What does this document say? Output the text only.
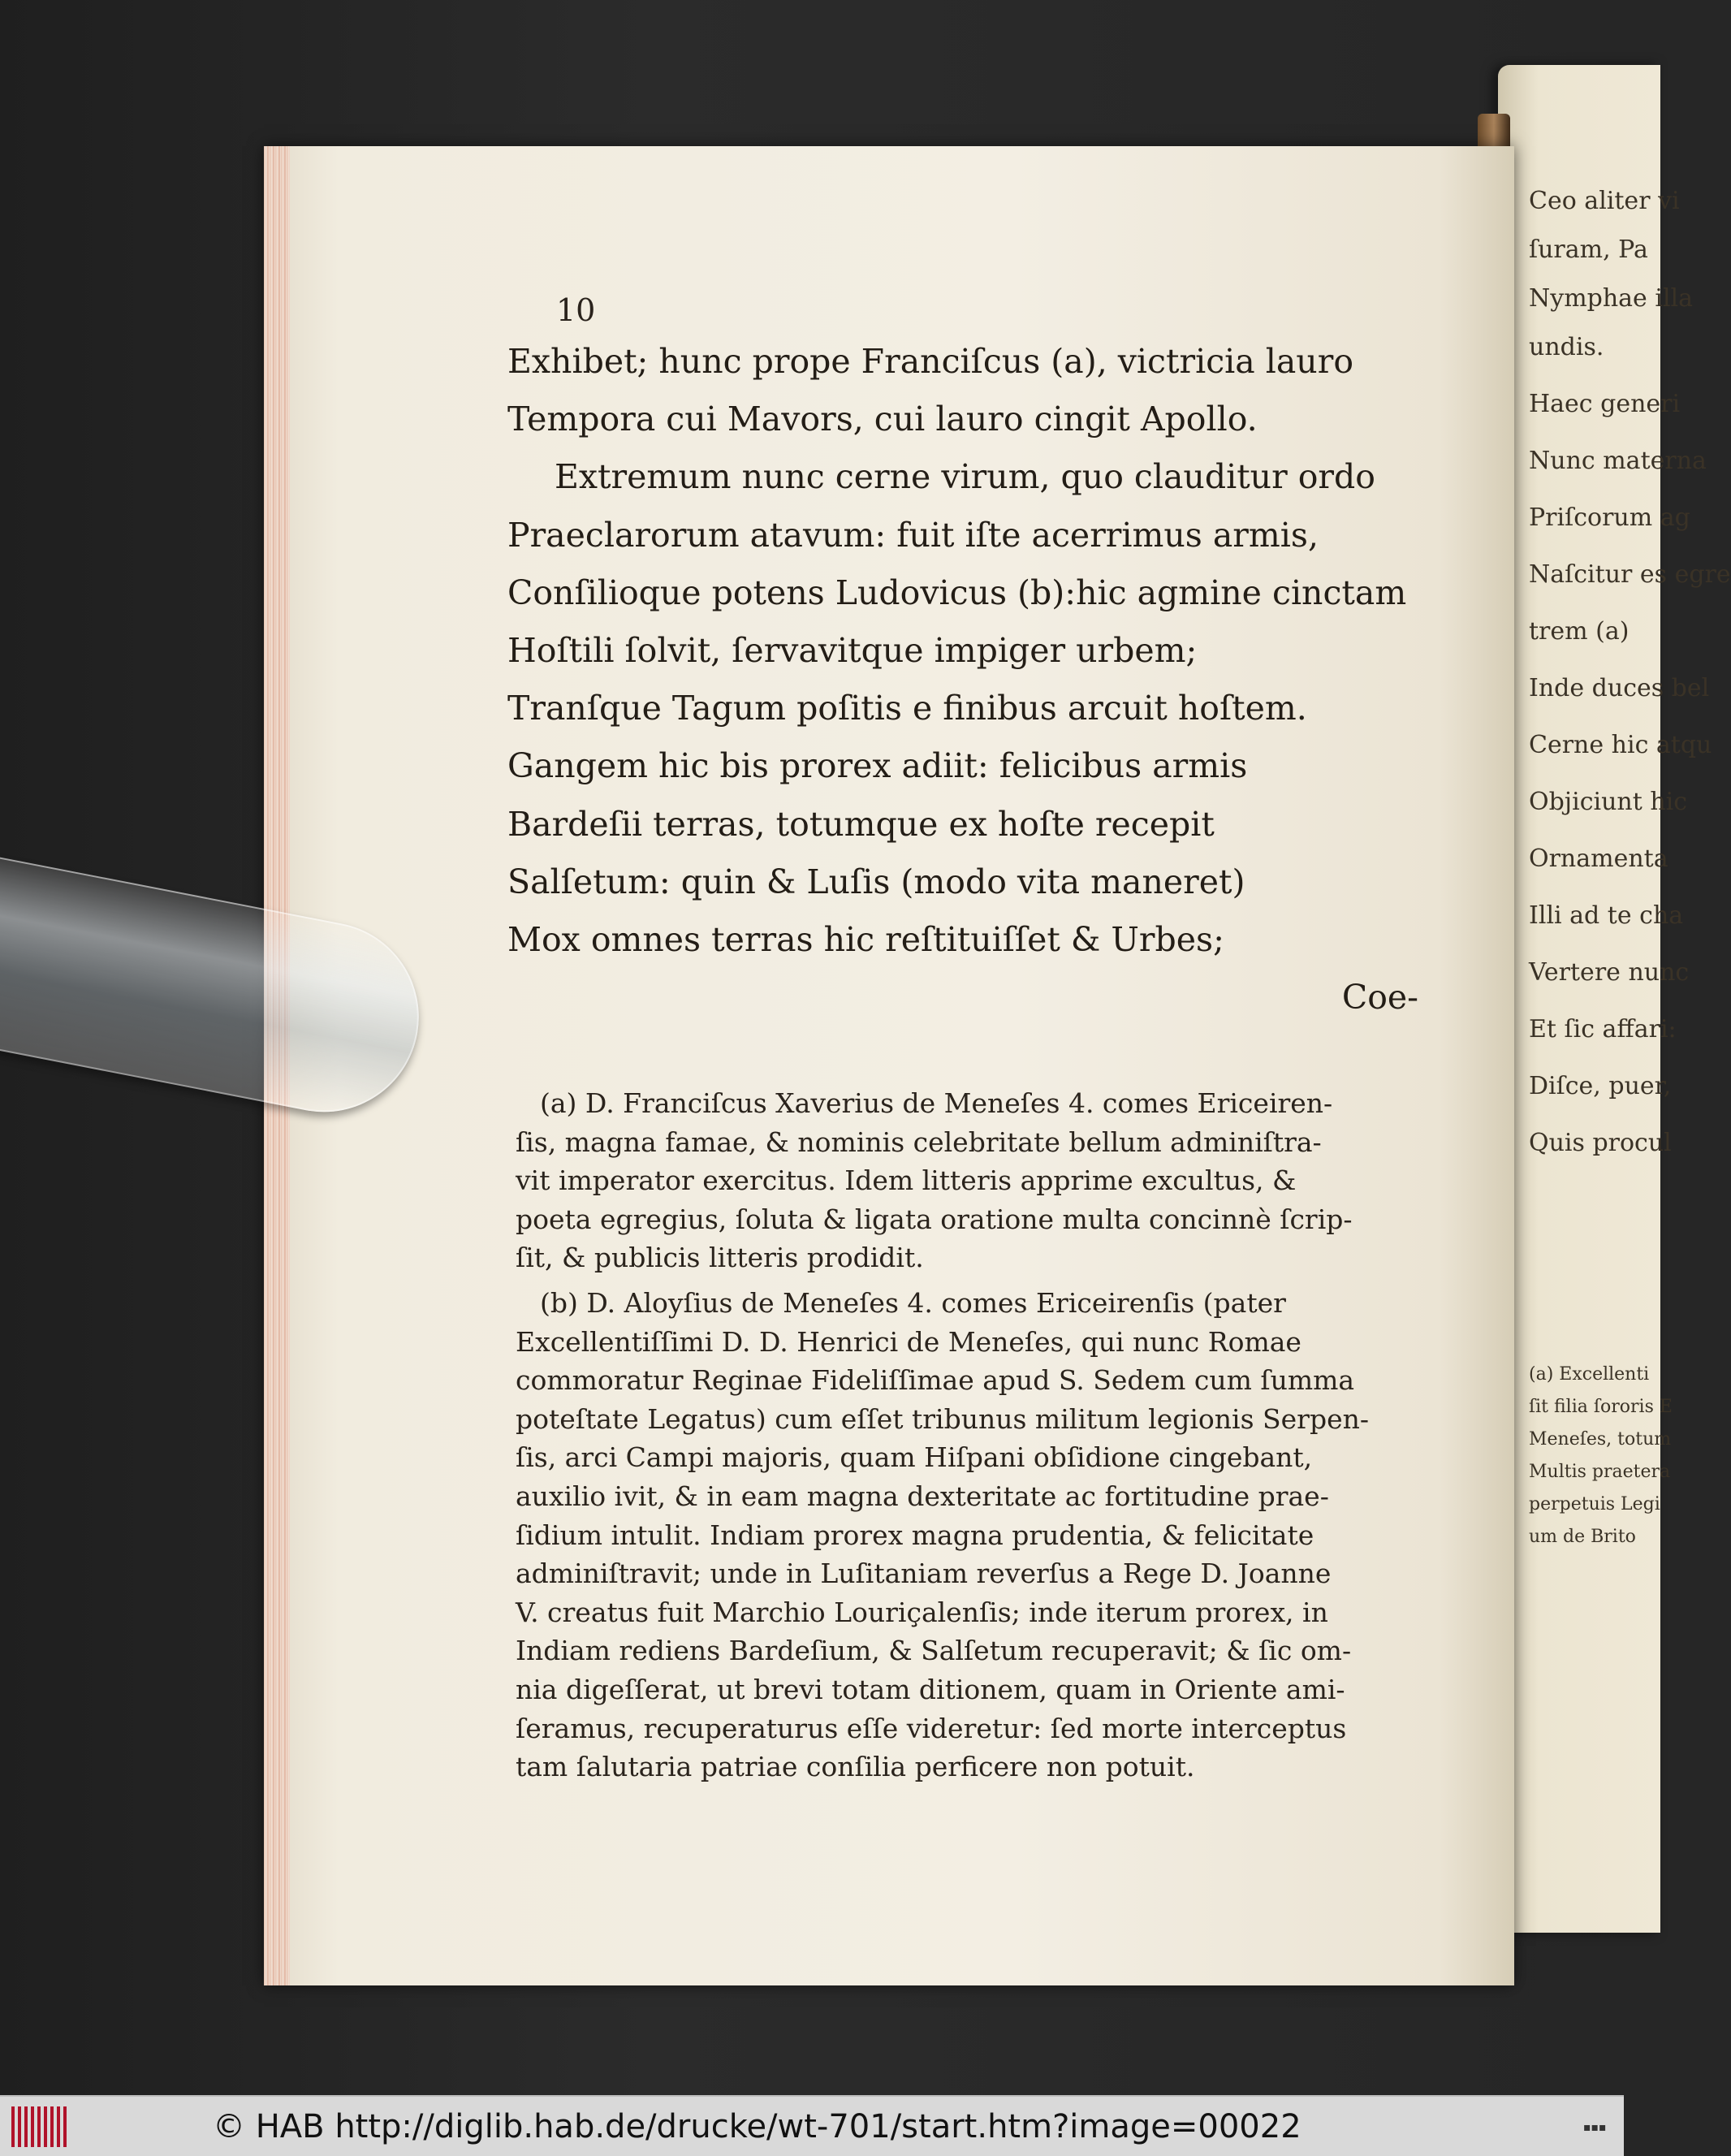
Ceo aliter vi
ſuram, Pa
Nymphae illa
undis.
Haec generi
Nunc materna
Priſcorum ag
Naſcitur es egre
trem (a)
Inde duces bel
Cerne hic atqu
Objiciunt hic
Ornamenta
Illi ad te cha
Vertere nunc
Et ſic affari:
Diſce, puer,
Quis procul
(a) Excellenti
ſit filia ſororis E
Meneſes, totum
Multis praetera
perpetuis Legi
um de Brito
10
Exhibet; hunc prope Franciſcus (a), victricia lauro
Tempora cui Mavors, cui lauro cingit Apollo.
Extremum nunc cerne virum, quo clauditur ordo
Praeclarorum atavum: fuit iſte acerrimus armis,
Conſilioque potens Ludovicus (b):hic agmine cinctam
Hoſtili ſolvit, ſervavitque impiger urbem;
Tranſque Tagum poſitis e finibus arcuit hoſtem.
Gangem hic bis prorex adiit: felicibus armis
Bardeſii terras, totumque ex hoſte recepit
Salſetum: quin & Luſis (modo vita maneret)
Mox omnes terras hic reſtituiſſet & Urbes;
Coe-
(a) D. Franciſcus Xaverius de Meneſes 4. comes Ericeiren-
ſis, magna famae, & nominis celebritate bellum adminiſtra-
vit imperator exercitus. Idem litteris apprime excultus, &
poeta egregius, ſoluta & ligata oratione multa concinnè ſcrip-
ſit, & publicis litteris prodidit.
(b) D. Aloyſius de Meneſes 4. comes Ericeirenſis (pater
Excellentiſſimi D. D. Henrici de Meneſes, qui nunc Romae
commoratur Reginae Fideliſſimae apud S. Sedem cum ſumma
poteſtate Legatus) cum eſſet tribunus militum legionis Serpen-
ſis, arci Campi majoris, quam Hiſpani obſidione cingebant,
auxilio ivit, & in eam magna dexteritate ac fortitudine prae-
ſidium intulit. Indiam prorex magna prudentia, & felicitate
adminiſtravit; unde in Luſitaniam reverſus a Rege D. Joanne
V. creatus fuit Marchio Louriçalenſis; inde iterum prorex, in
Indiam rediens Bardeſium, & Salſetum recuperavit; & ſic om-
nia digeſſerat, ut brevi totam ditionem, quam in Oriente ami-
ſeramus, recuperaturus eſſe videretur: ſed morte interceptus
tam ſalutaria patriae conſilia perficere non potuit.
© HAB http://diglib.hab.de/drucke/wt-701/start.htm?image=00022	▪▪▪
